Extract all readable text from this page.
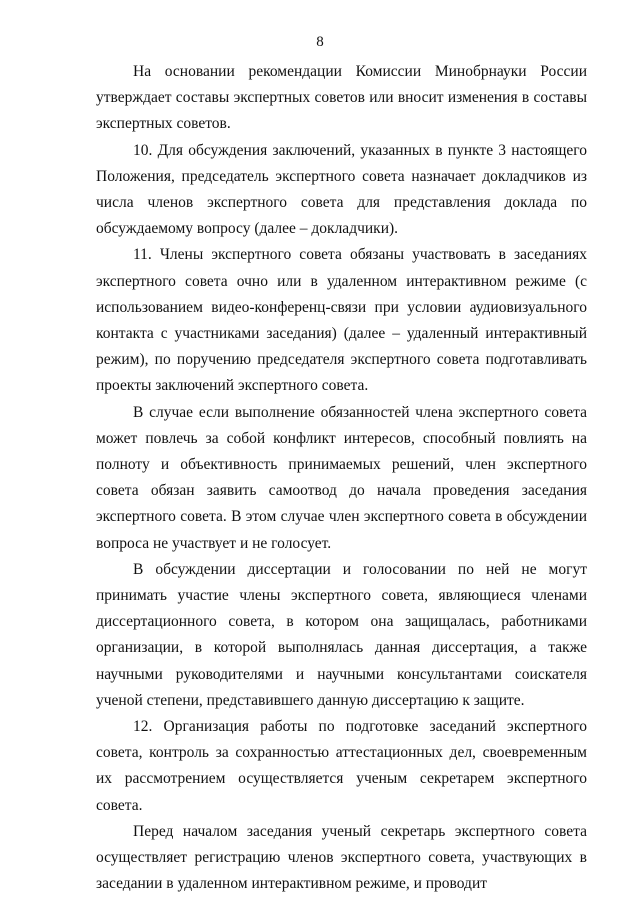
8

На основании рекомендации Комиссии Минобрнауки России утверждает составы экспертных советов или вносит изменения в составы экспертных советов.

10. Для обсуждения заключений, указанных в пункте 3 настоящего Положения, председатель экспертного совета назначает докладчиков из числа членов экспертного совета для представления доклада по обсуждаемому вопросу (далее – докладчики).

11. Члены экспертного совета обязаны участвовать в заседаниях экспертного совета очно или в удаленном интерактивном режиме (с использованием видео-конференц-связи при условии аудиовизуального контакта с участниками заседания) (далее – удаленный интерактивный режим), по поручению председателя экспертного совета подготавливать проекты заключений экспертного совета.

В случае если выполнение обязанностей члена экспертного совета может повлечь за собой конфликт интересов, способный повлиять на полноту и объективность принимаемых решений, член экспертного совета обязан заявить самоотвод до начала проведения заседания экспертного совета. В этом случае член экспертного совета в обсуждении вопроса не участвует и не голосует.

В обсуждении диссертации и голосовании по ней не могут принимать участие члены экспертного совета, являющиеся членами диссертационного совета, в котором она защищалась, работниками организации, в которой выполнялась данная диссертация, а также научными руководителями и научными консультантами соискателя ученой степени, представившего данную диссертацию к защите.

12. Организация работы по подготовке заседаний экспертного совета, контроль за сохранностью аттестационных дел, своевременным их рассмотрением осуществляется ученым секретарем экспертного совета.

Перед началом заседания ученый секретарь экспертного совета осуществляет регистрацию членов экспертного совета, участвующих в заседании в удаленном интерактивном режиме, и проводит
